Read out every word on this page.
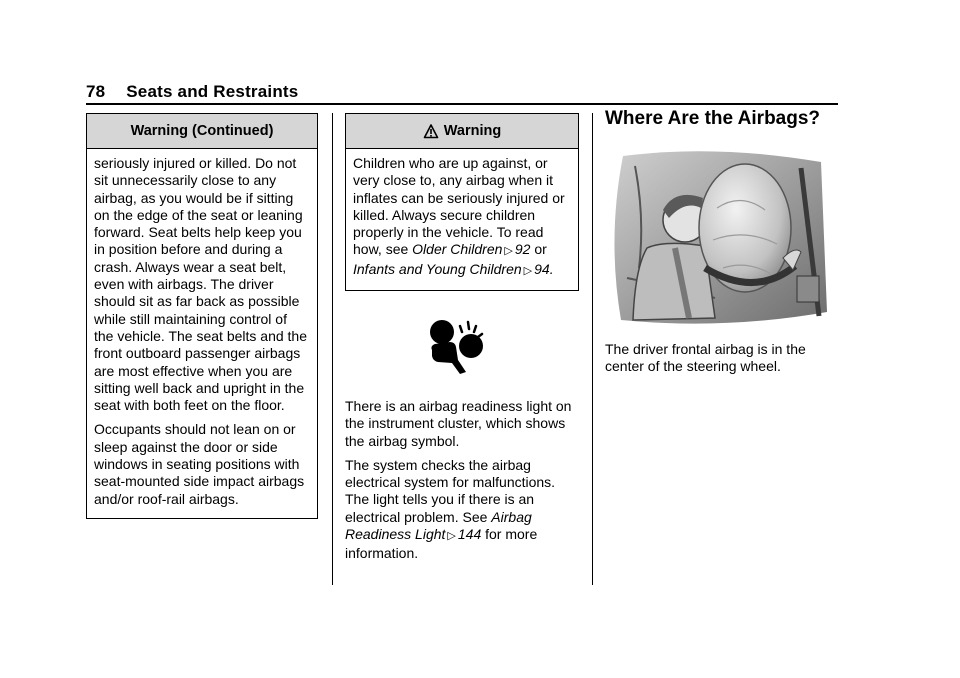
78 Seats and Restraints
Warning (Continued)

seriously injured or killed. Do not sit unnecessarily close to any airbag, as you would be if sitting on the edge of the seat or leaning forward. Seat belts help keep you in position before and during a crash. Always wear a seat belt, even with airbags. The driver should sit as far back as possible while still maintaining control of the vehicle. The seat belts and the front outboard passenger airbags are most effective when you are sitting well back and upright in the seat with both feet on the floor.

Occupants should not lean on or sleep against the door or side windows in seating positions with seat-mounted side impact airbags and/or roof-rail airbags.

Warning

Children who are up against, or very close to, any airbag when it inflates can be seriously injured or killed. Always secure children properly in the vehicle. To read how, see Older Children ▷ 92 or Infants and Young Children ▷ 94.

There is an airbag readiness light on the instrument cluster, which shows the airbag symbol.

The system checks the airbag electrical system for malfunctions. The light tells you if there is an electrical problem. See Airbag Readiness Light ▷ 144 for more information.

Where Are the Airbags?

The driver frontal airbag is in the center of the steering wheel.
